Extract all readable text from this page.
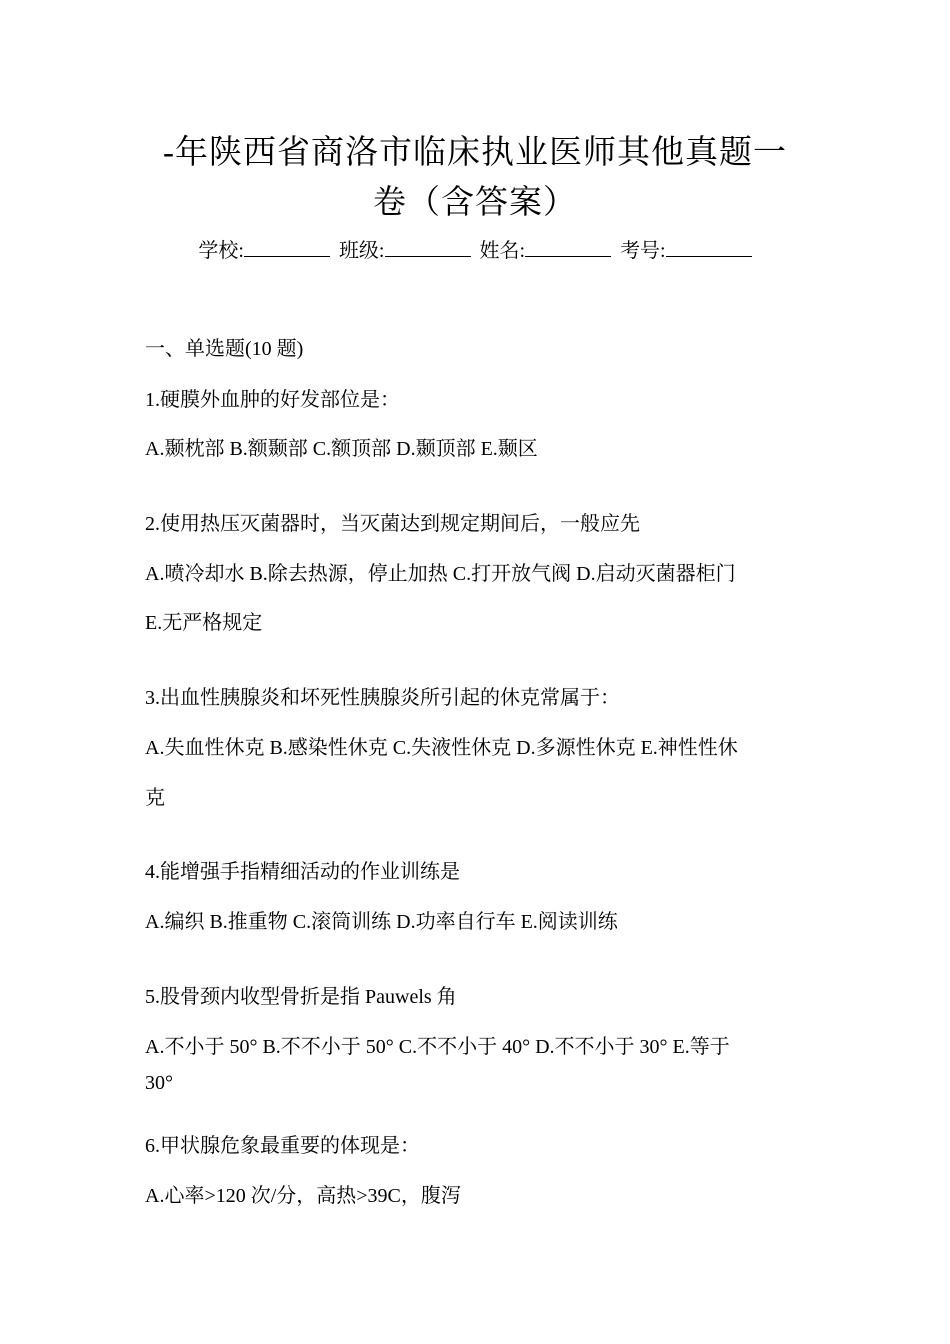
-年陕西省商洛市临床执业医师其他真题一
卷（含答案）
学校:	班级:	姓名:	考号:
一、单选题(10 题)
1.硬膜外血肿的好发部位是：
A.颞枕部 B.额颞部 C.额顶部 D.颞顶部 E.颞区
2.使用热压灭菌器时，当灭菌达到规定期间后，一般应先
A.喷冷却水 B.除去热源，停止加热 C.打开放气阀 D.启动灭菌器柜门
E.无严格规定
3.出血性胰腺炎和坏死性胰腺炎所引起的休克常属于：
A.失血性休克 B.感染性休克 C.失液性休克 D.多源性休克 E.神性性休
克
4.能增强手指精细活动的作业训练是
A.编织 B.推重物 C.滚筒训练 D.功率自行车 E.阅读训练
5.股骨颈内收型骨折是指 Pauwels 角
A.不小于 50° B.不不小于 50° C.不不小于 40° D.不不小于 30° E.等于
30°
6.甲状腺危象最重要的体现是：
A.心率>120 次/分，高热>39C，腹泻
